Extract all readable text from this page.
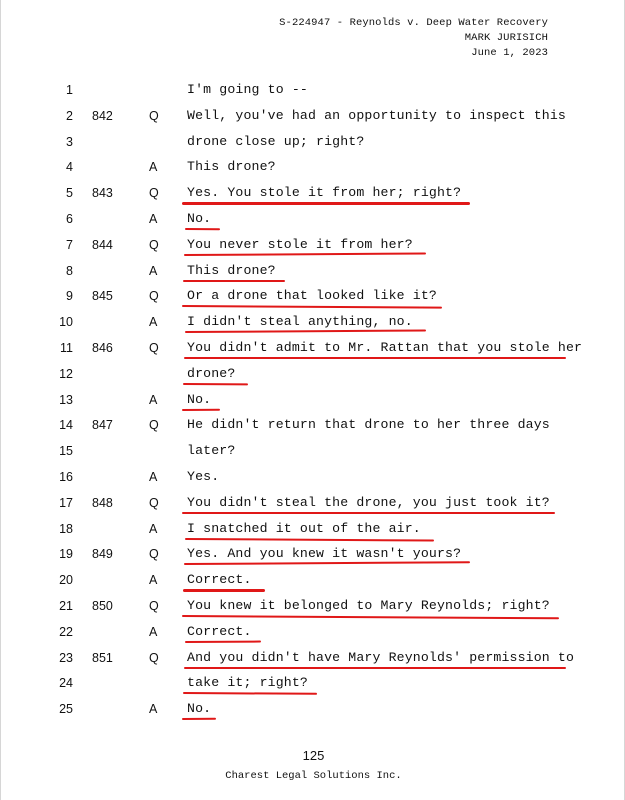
S-224947 - Reynolds v. Deep Water Recovery
MARK JURISICH
June 1, 2023
1	I'm going to --
2 842	Q Well, you've had an opportunity to inspect this
3	drone close up; right?
4	A This drone?
5 843	Q Yes. You stole it from her; right?
6	A No.
7 844	Q You never stole it from her?
8	A This drone?
9 845	Q Or a drone that looked like it?
10	A I didn't steal anything, no.
11 846	Q You didn't admit to Mr. Rattan that you stole her
12	drone?
13	A No.
14 847	Q He didn't return that drone to her three days
15	later?
16	A Yes.
17 848	Q You didn't steal the drone, you just took it?
18	A I snatched it out of the air.
19 849	Q Yes. And you knew it wasn't yours?
20	A Correct.
21 850	Q You knew it belonged to Mary Reynolds; right?
22	A Correct.
23 851	Q And you didn't have Mary Reynolds' permission to
24	take it; right?
25	A No.
125
Charest Legal Solutions Inc.
